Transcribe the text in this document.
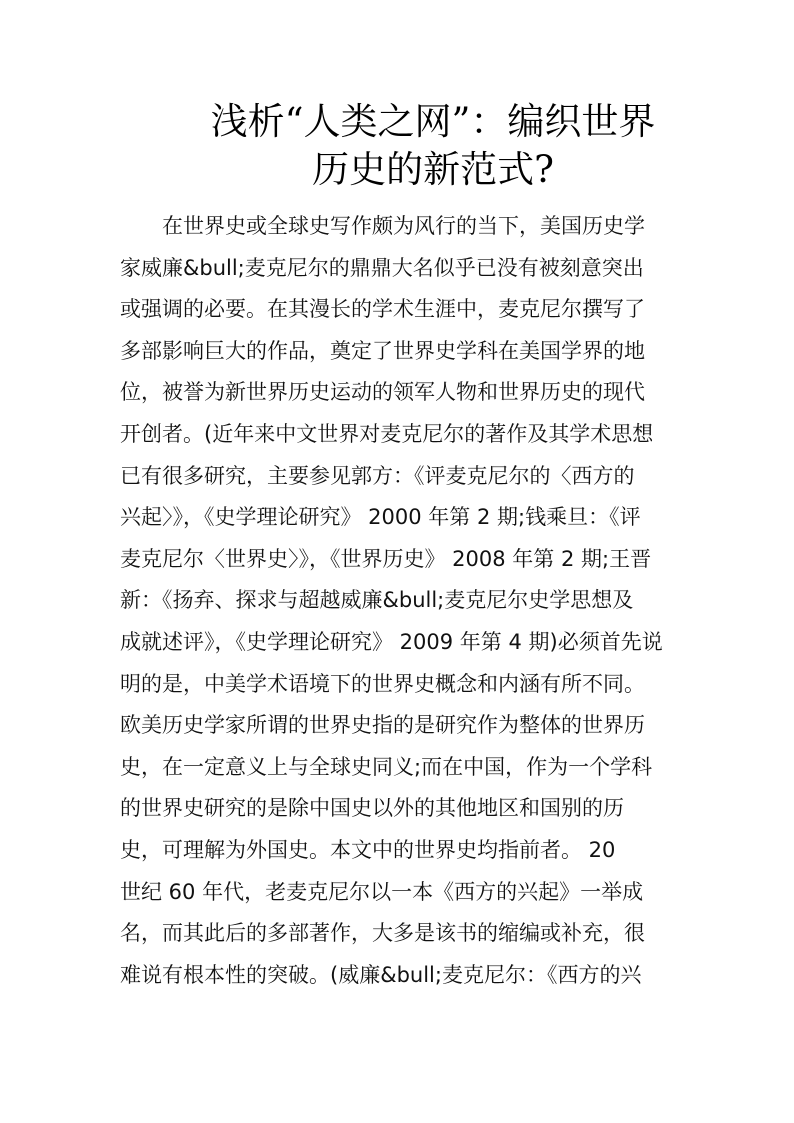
浅析“人类之网”：编织世界
历史的新范式?
在世界史或全球史写作颇为风行的当下，美国历史学
家威廉&bull;麦克尼尔的鼎鼎大名似乎已没有被刻意突出
或强调的必要。在其漫长的学术生涯中，麦克尼尔撰写了
多部影响巨大的作品，奠定了世界史学科在美国学界的地
位，被誉为新世界历史运动的领军人物和世界历史的现代
开创者。(近年来中文世界对麦克尼尔的著作及其学术思想
已有很多研究，主要参见郭方：《评麦克尼尔的〈西方的
兴起〉》，《史学理论研究》 2000 年第 2 期;钱乘旦：《评
麦克尼尔〈世界史〉》，《世界历史》 2008 年第 2 期;王晋
新：《扬弃、探求与超越威廉&bull;麦克尼尔史学思想及
成就述评》，《史学理论研究》 2009 年第 4 期)必须首先说
明的是，中美学术语境下的世界史概念和内涵有所不同。
欧美历史学家所谓的世界史指的是研究作为整体的世界历
史，在一定意义上与全球史同义;而在中国，作为一个学科
的世界史研究的是除中国史以外的其他地区和国别的历
史，可理解为外国史。本文中的世界史均指前者。 20
世纪 60 年代，老麦克尼尔以一本《西方的兴起》一举成
名，而其此后的多部著作，大多是该书的缩编或补充，很
难说有根本性的突破。(威廉&bull;麦克尼尔：《西方的兴
